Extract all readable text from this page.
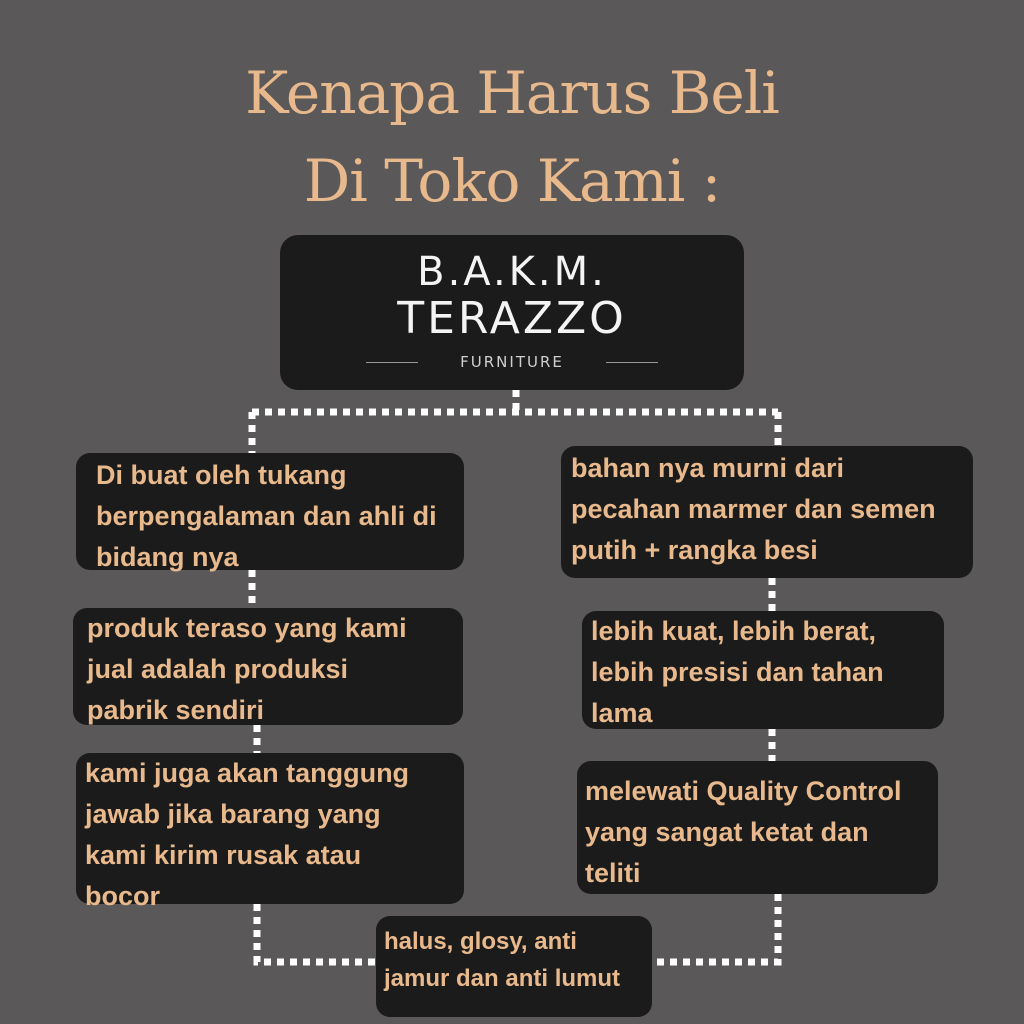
Kenapa Harus Beli
Di Toko Kami :
B.A.K.M.
TERAZZO
FURNITURE
Di buat oleh tukang
berpengalaman dan ahli di
bidang nya
produk teraso yang kami
jual adalah produksi
pabrik sendiri
kami juga akan tanggung
jawab jika barang yang
kami kirim rusak atau
bocor
bahan nya murni dari
pecahan marmer dan semen
putih + rangka besi
lebih kuat, lebih berat,
lebih presisi dan tahan
lama
melewati Quality Control
yang sangat ketat dan
teliti
halus, glosy, anti
jamur dan anti lumut
